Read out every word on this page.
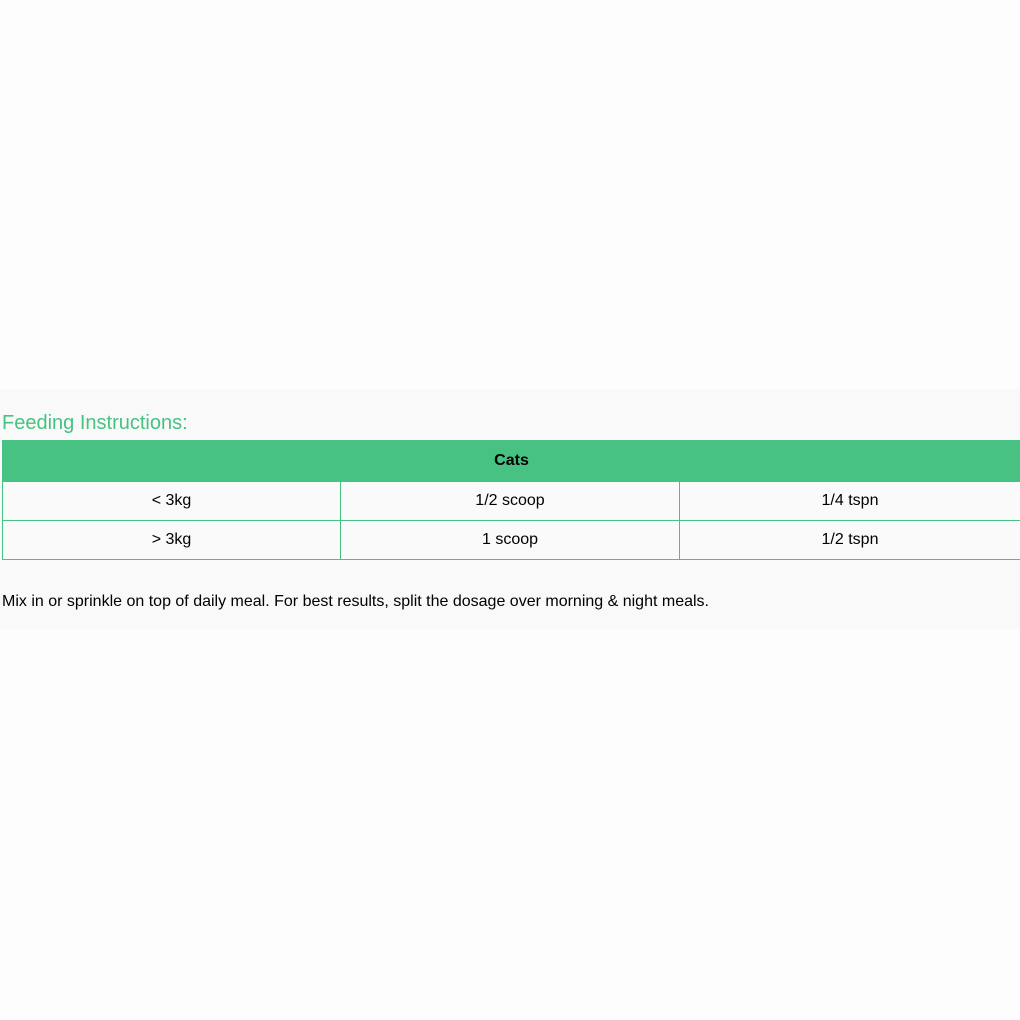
Feeding Instructions:
Cats		
< 3kg	1/2 scoop	1/4 tspn
> 3kg	1 scoop	1/2 tspn

Mix in or sprinkle on top of daily meal. For best results, split the dosage over morning & night meals.
